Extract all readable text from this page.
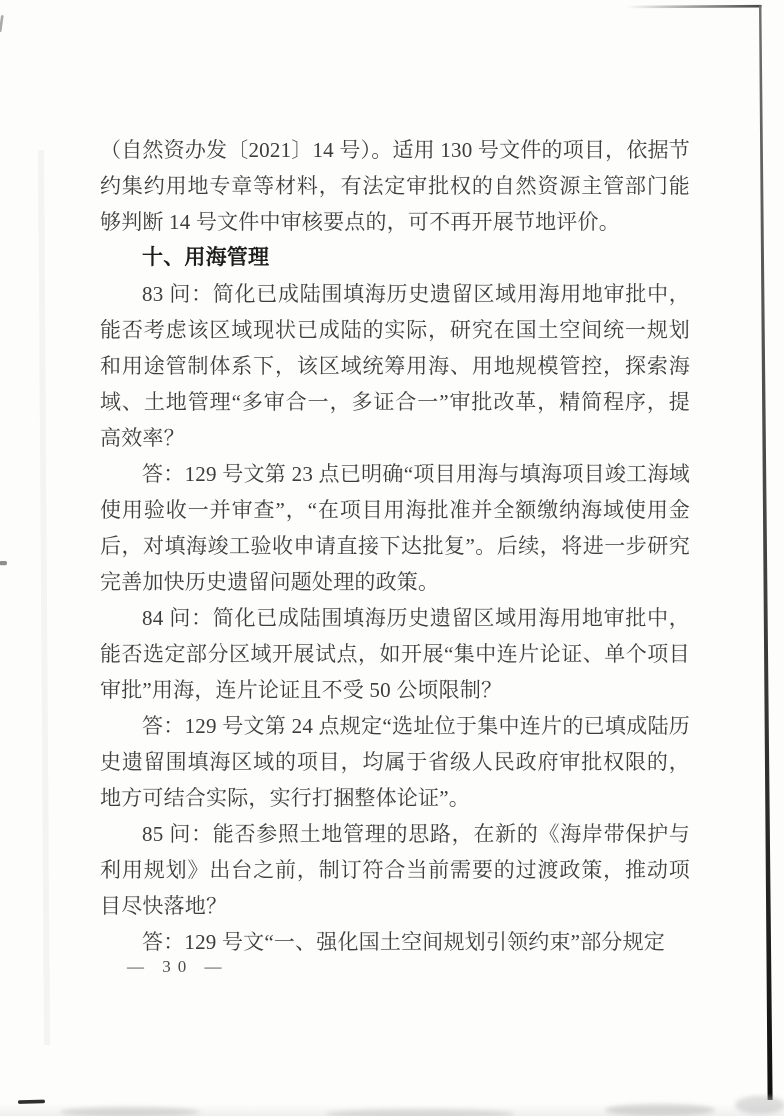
（自然资办发〔2021〕14 号）。适用 130 号文件的项目，依据节约集约用地专章等材料，有法定审批权的自然资源主管部门能够判断 14 号文件中审核要点的，可不再开展节地评价。

十、用海管理

83 问：简化已成陆围填海历史遗留区域用海用地审批中，能否考虑该区域现状已成陆的实际，研究在国土空间统一规划和用途管制体系下，该区域统筹用海、用地规模管控，探索海域、土地管理“多审合一，多证合一”审批改革，精简程序，提高效率？

答：129 号文第 23 点已明确“项目用海与填海项目竣工海域使用验收一并审查”，“在项目用海批准并全额缴纳海域使用金后，对填海竣工验收申请直接下达批复”。后续，将进一步研究完善加快历史遗留问题处理的政策。

84 问：简化已成陆围填海历史遗留区域用海用地审批中，能否选定部分区域开展试点，如开展“集中连片论证、单个项目审批”用海，连片论证且不受 50 公顷限制？

答：129 号文第 24 点规定“选址位于集中连片的已填成陆历史遗留围填海区域的项目，均属于省级人民政府审批权限的，地方可结合实际，实行打捆整体论证”。

85 问：能否参照土地管理的思路，在新的《海岸带保护与利用规划》出台之前，制订符合当前需要的过渡政策，推动项目尽快落地？

答：129 号文“一、强化国土空间规划引领约束”部分规定

— 30 —
